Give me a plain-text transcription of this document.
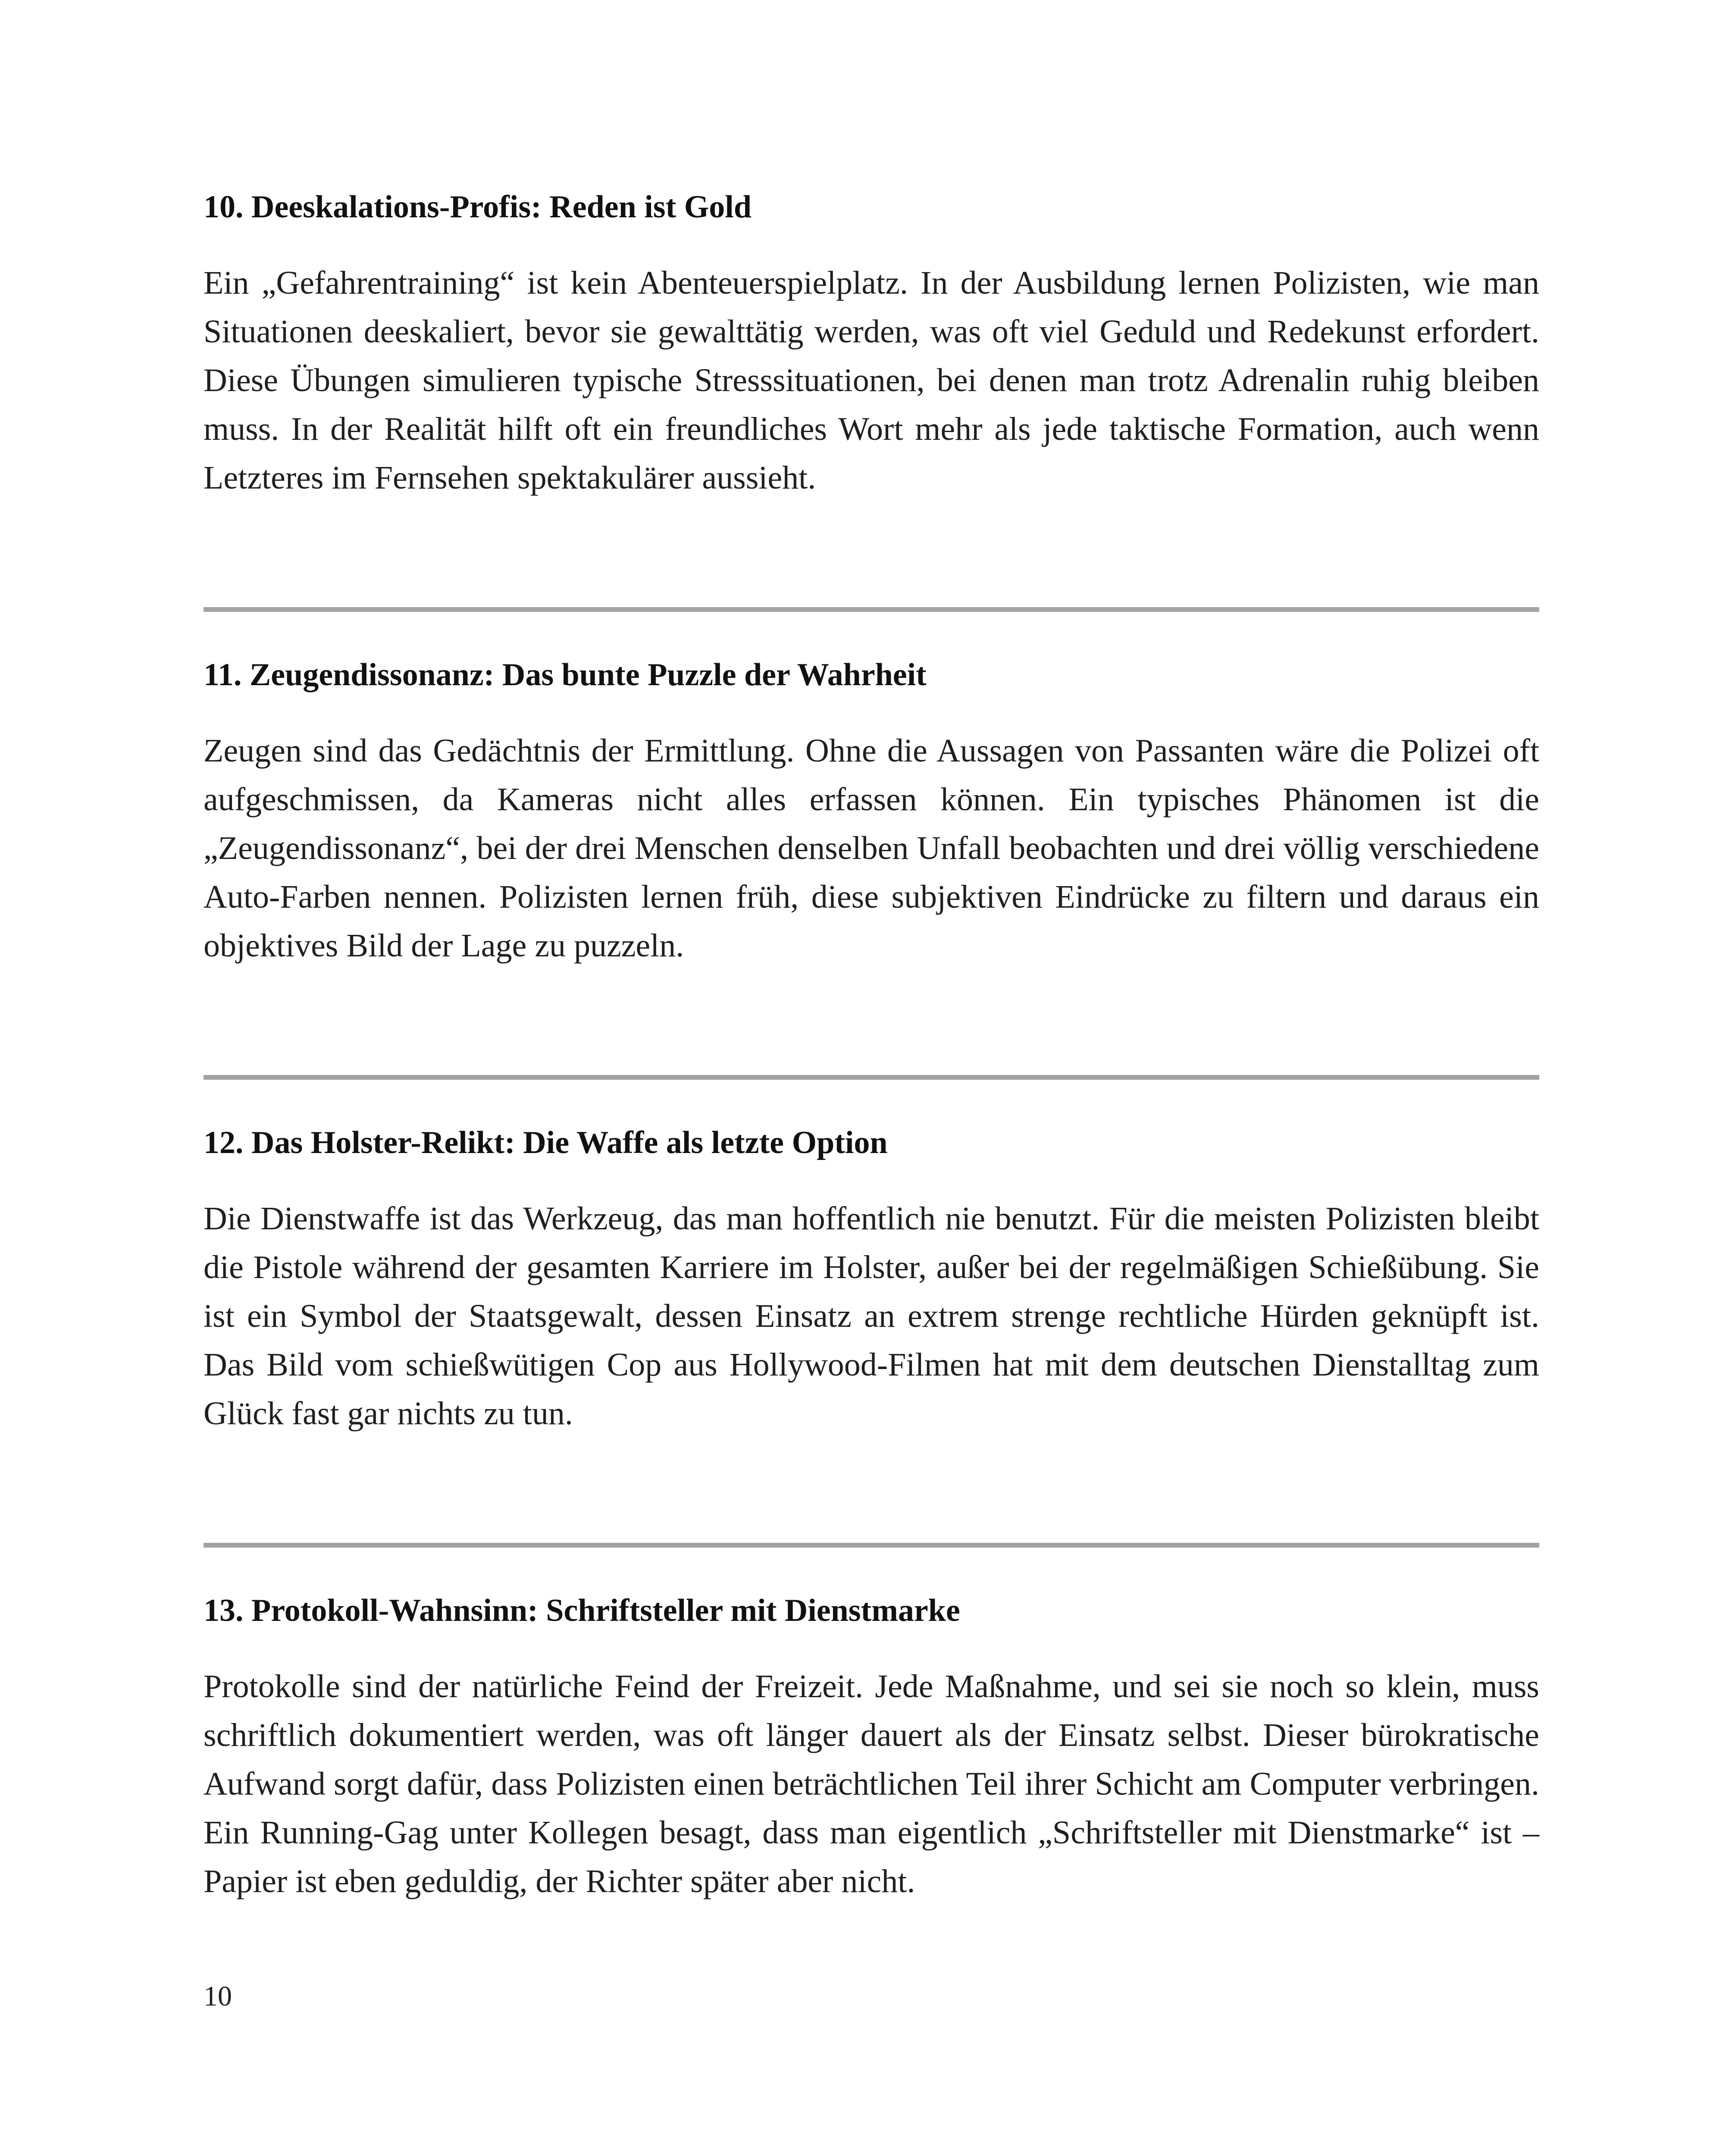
10. Deeskalations-Profis: Reden ist Gold

Ein „Gefahrentraining“ ist kein Abenteuerspielplatz. In der Ausbildung lernen Polizisten, wie man Situationen deeskaliert, bevor sie gewalttätig werden, was oft viel Geduld und Redekunst erfordert. Diese Übungen simulieren typische Stresssituationen, bei denen man trotz Adrenalin ruhig bleiben muss. In der Realität hilft oft ein freundliches Wort mehr als jede taktische Formation, auch wenn Letzteres im Fernsehen spektakulärer aussieht.

11. Zeugendissonanz: Das bunte Puzzle der Wahrheit

Zeugen sind das Gedächtnis der Ermittlung. Ohne die Aussagen von Passanten wäre die Polizei oft aufgeschmissen, da Kameras nicht alles erfassen können. Ein typisches Phänomen ist die „Zeugendissonanz“, bei der drei Menschen denselben Unfall beobachten und drei völlig verschiedene Auto-Farben nennen. Polizisten lernen früh, diese subjektiven Eindrücke zu filtern und daraus ein objektives Bild der Lage zu puzzeln.

12. Das Holster-Relikt: Die Waffe als letzte Option

Die Dienstwaffe ist das Werkzeug, das man hoffentlich nie benutzt. Für die meisten Polizisten bleibt die Pistole während der gesamten Karriere im Holster, außer bei der regelmäßigen Schießübung. Sie ist ein Symbol der Staatsgewalt, dessen Einsatz an extrem strenge rechtliche Hürden geknüpft ist. Das Bild vom schießwütigen Cop aus Hollywood-Filmen hat mit dem deutschen Dienstalltag zum Glück fast gar nichts zu tun.

13. Protokoll-Wahnsinn: Schriftsteller mit Dienstmarke

Protokolle sind der natürliche Feind der Freizeit. Jede Maßnahme, und sei sie noch so klein, muss schriftlich dokumentiert werden, was oft länger dauert als der Einsatz selbst. Dieser bürokratische Aufwand sorgt dafür, dass Polizisten einen beträchtlichen Teil ihrer Schicht am Computer verbringen. Ein Running-Gag unter Kollegen besagt, dass man eigentlich „Schriftsteller mit Dienstmarke“ ist – Papier ist eben geduldig, der Richter später aber nicht.

10
